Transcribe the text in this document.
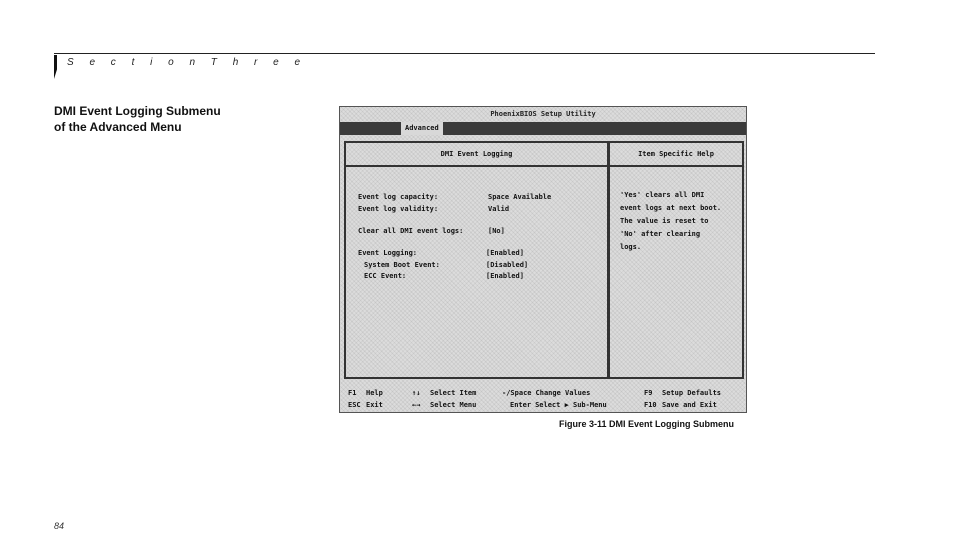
S e c t i o n T h r e e
DMI Event Logging Submenu
of the Advanced Menu
PhoenixBIOS Setup Utility
Advanced
DMI Event Logging
Event log capacity:	Space Available
Event log validity:	Valid
Clear all DMI event logs:	[No]
Event Logging:	[Enabled]
System Boot Event:	[Disabled]
ECC Event:	[Enabled]
Item Specific Help
'Yes' clears all DMI
event logs at next boot.
The value is reset to
'No' after clearing
logs.
F1 Help	↑↓ Select Item	-/Space Change Values	F9 Setup Defaults
ESC Exit	←→ Select Menu	Enter Select ▶ Sub-Menu	F10 Save and Exit
Figure 3-11 DMI Event Logging Submenu
84
